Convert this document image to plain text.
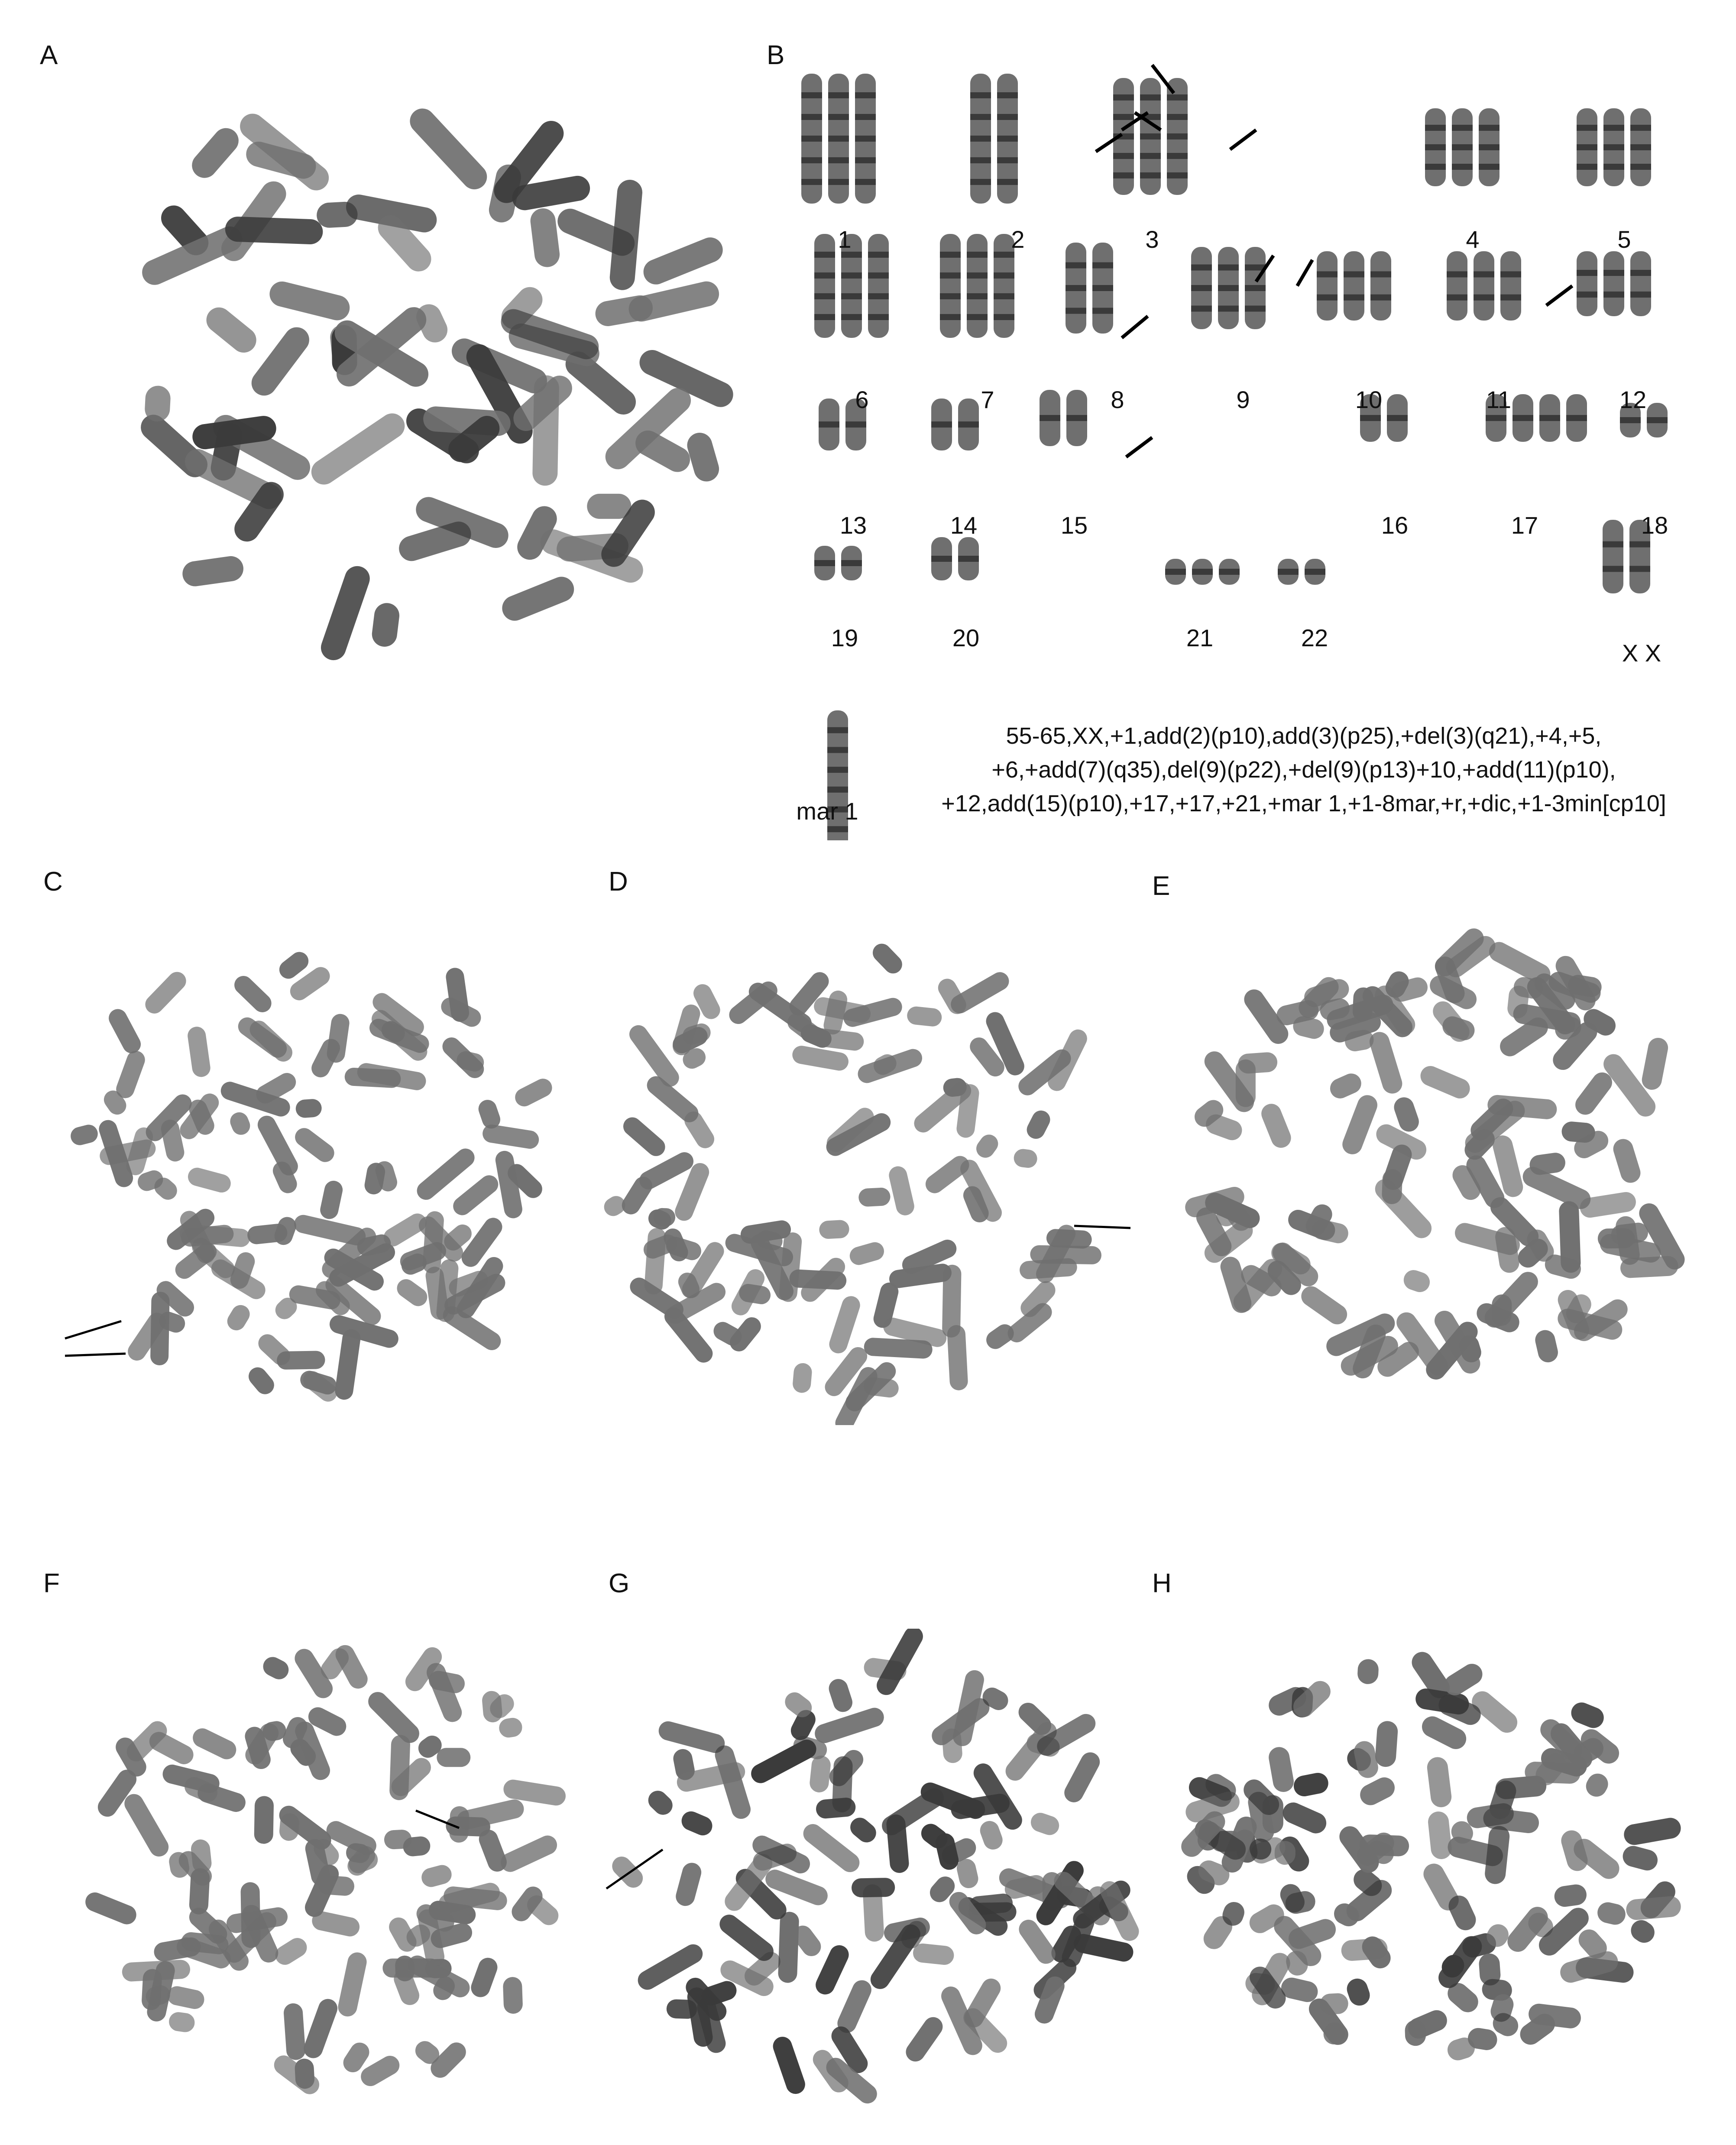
A	B
C	D	E
F	G	H
1	2	3	4	5
6	7	8	9	10	11	12
13	14	15	16	17	18
19	20	21	22
X X
mar 1
55-65,XX,+1,add(2)(p10),add(3)(p25),+del(3)(q21),+4,+5,
+6,+add(7)(q35),del(9)(p22),+del(9)(p13)+10,+add(11)(p10),
+12,add(15)(p10),+17,+17,+21,+mar 1,+1-8mar,+r,+dic,+1-3min[cp10]
